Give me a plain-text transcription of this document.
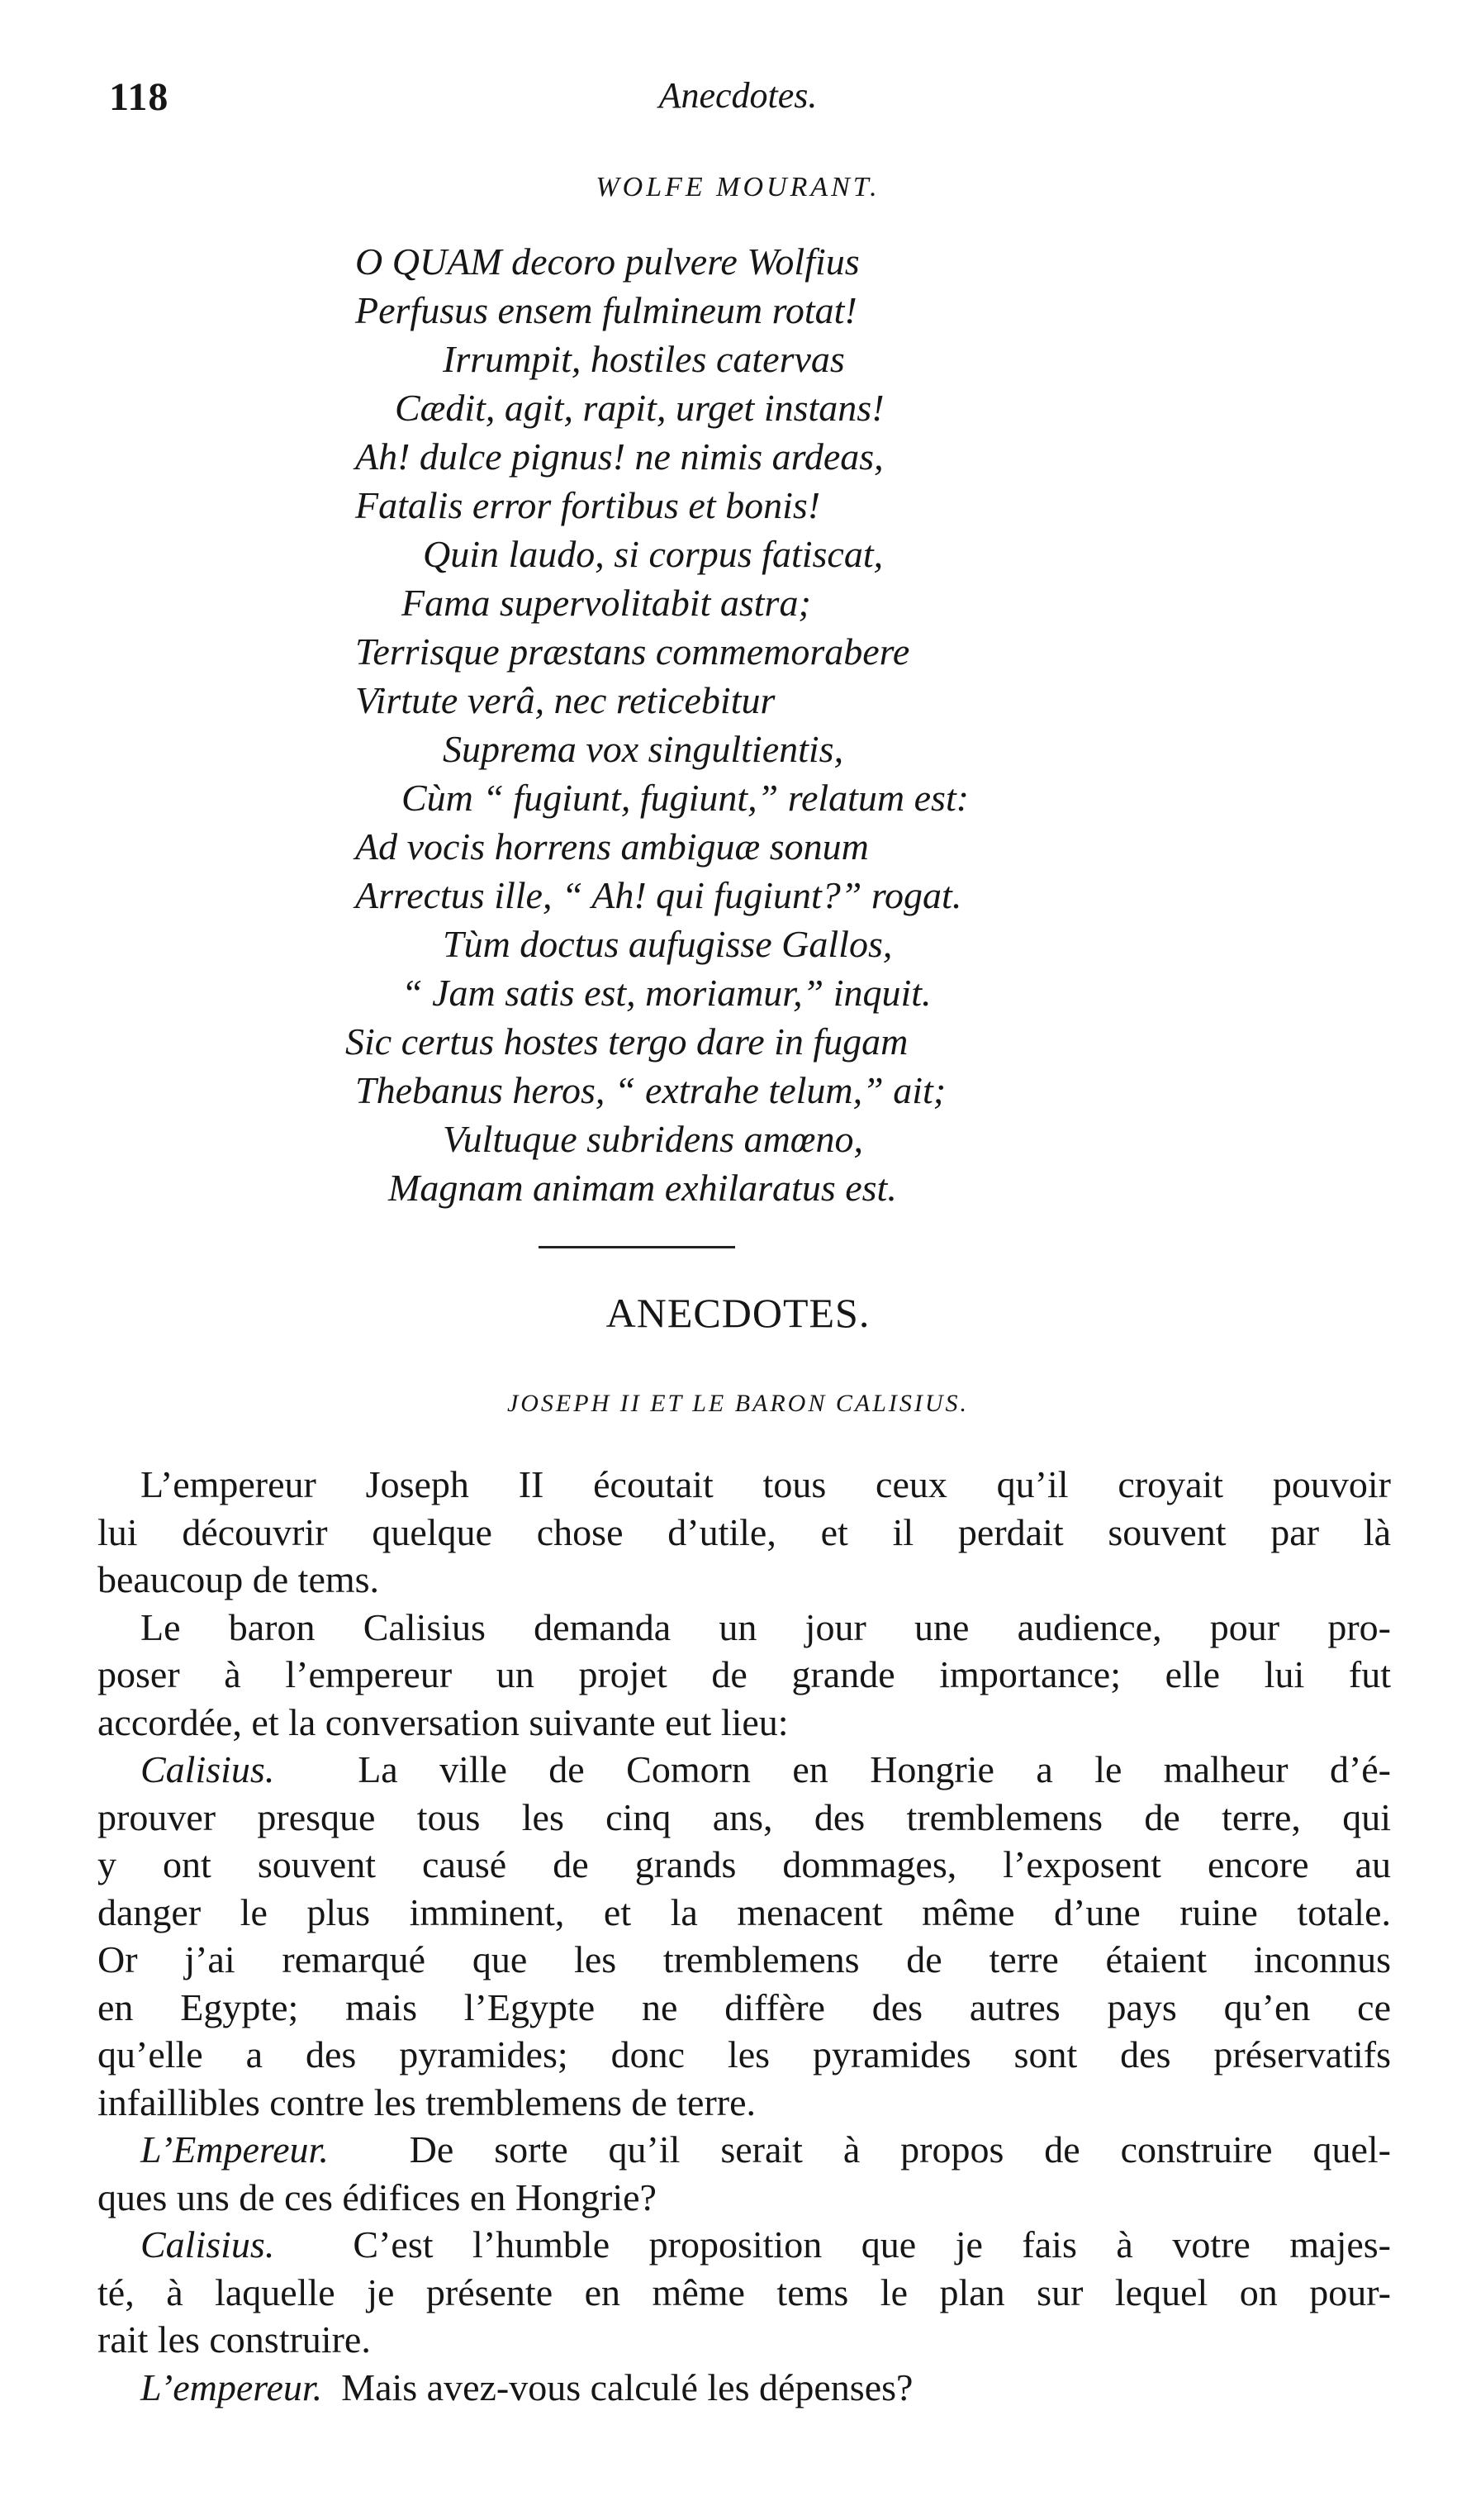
118	Anecdotes.
WOLFE MOURANT.
O QUAM decoro pulvere Wolfius
Perfusus ensem fulmineum rotat!
Irrumpit, hostiles catervas
Cædit, agit, rapit, urget instans!
Ah! dulce pignus! ne nimis ardeas,
Fatalis error fortibus et bonis!
Quin laudo, si corpus fatiscat,
Fama supervolitabit astra;
Terrisque præstans commemorabere
Virtute verâ, nec reticebitur
Suprema vox singultientis,
Cùm “ fugiunt, fugiunt,” relatum est:
Ad vocis horrens ambiguæ sonum
Arrectus ille, “ Ah! qui fugiunt?” rogat.
Tùm doctus aufugisse Gallos,
“ Jam satis est, moriamur,” inquit.
Sic certus hostes tergo dare in fugam
Thebanus heros, “ extrahe telum,” ait;
Vultuque subridens amœno,
Magnam animam exhilaratus est.
ANECDOTES.
JOSEPH II ET LE BARON CALISIUS.
L’empereur Joseph II écoutait tous ceux qu’il croyait pouvoir
lui découvrir quelque chose d’utile, et il perdait souvent par là
beaucoup de tems.
Le baron Calisius demanda un jour une audience, pour pro-
poser à l’empereur un projet de grande importance; elle lui fut
accordée, et la conversation suivante eut lieu:
Calisius. La ville de Comorn en Hongrie a le malheur d’é-
prouver presque tous les cinq ans, des tremblemens de terre, qui
y ont souvent causé de grands dommages, l’exposent encore au
danger le plus imminent, et la menacent même d’une ruine totale.
Or j’ai remarqué que les tremblemens de terre étaient inconnus
en Egypte; mais l’Egypte ne diffère des autres pays qu’en ce
qu’elle a des pyramides; donc les pyramides sont des préservatifs
infaillibles contre les tremblemens de terre.
L’Empereur. De sorte qu’il serait à propos de construire quel-
ques uns de ces édifices en Hongrie?
Calisius. C’est l’humble proposition que je fais à votre majes-
té, à laquelle je présente en même tems le plan sur lequel on pour-
rait les construire.
L’empereur. Mais avez-vous calculé les dépenses?
